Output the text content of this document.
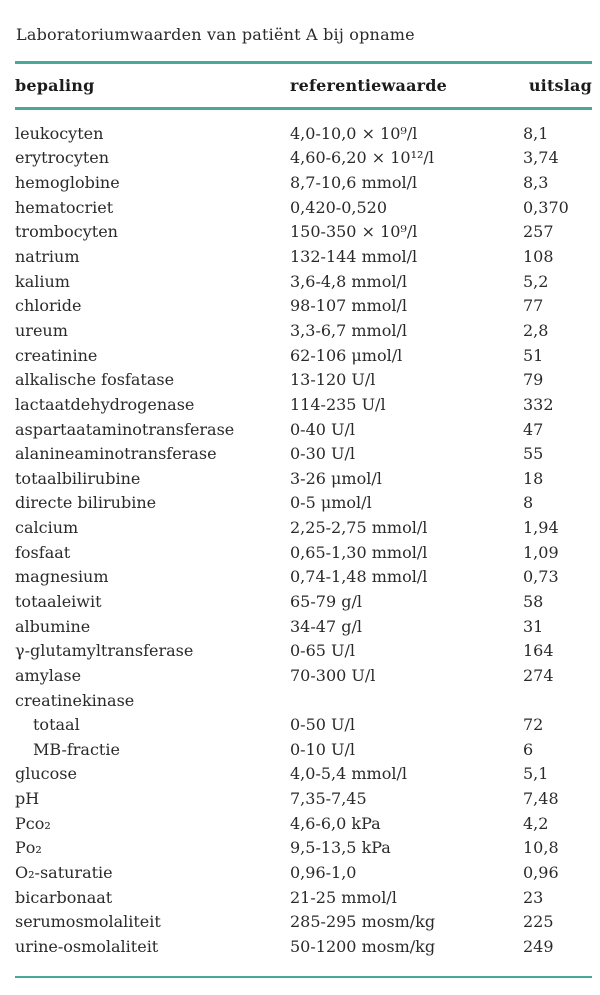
Laboratoriumwaarden van patiënt A bij opname
bepaling	referentiewaarde	uitslag
leukocyten	4,0-10,0 × 10⁹/l	8,1
erytrocyten	4,60-6,20 × 10¹²/l	3,74
hemoglobine	8,7-10,6 mmol/l	8,3
hematocriet	0,420-0,520	0,370
trombocyten	150-350 × 10⁹/l	257
natrium	132-144 mmol/l	108
kalium	3,6-4,8 mmol/l	5,2
chloride	98-107 mmol/l	77
ureum	3,3-6,7 mmol/l	2,8
creatinine	62-106 μmol/l	51
alkalische fosfatase	13-120 U/l	79
lactaatdehydrogenase	114-235 U/l	332
aspartaataminotransferase	0-40 U/l	47
alanineaminotransferase	0-30 U/l	55
totaalbilirubine	3-26 μmol/l	18
directe bilirubine	0-5 μmol/l	8
calcium	2,25-2,75 mmol/l	1,94
fosfaat	0,65-1,30 mmol/l	1,09
magnesium	0,74-1,48 mmol/l	0,73
totaaleiwit	65-79 g/l	58
albumine	34-47 g/l	31
γ-glutamyltransferase	0-65 U/l	164
amylase	70-300 U/l	274
creatinekinase
totaal	0-50 U/l	72
MB-fractie	0-10 U/l	6
glucose	4,0-5,4 mmol/l	5,1
pH	7,35-7,45	7,48
Pᴄᴏ₂	4,6-6,0 kPa	4,2
Pᴏ₂	9,5-13,5 kPa	10,8
O₂-saturatie	0,96-1,0	0,96
bicarbonaat	21-25 mmol/l	23
serumosmolaliteit	285-295 mosm/kg	225
urine-osmolaliteit	50-1200 mosm/kg	249
